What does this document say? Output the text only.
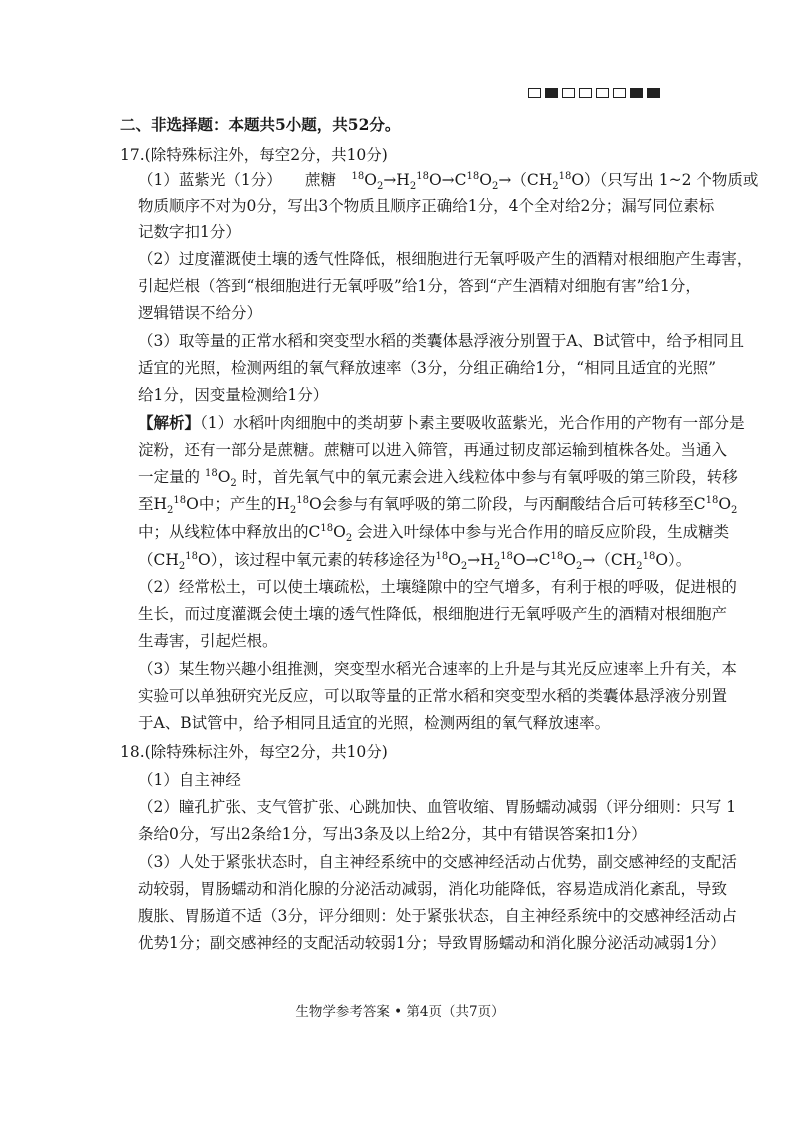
二、非选择题：本题共5小题，共52分。
17.(除特殊标注外，每空2分，共10分)
（1）蓝紫光（1分）　　蔗糖　$^{18}O_2\to H_2^{18}O\to C^{18}O_2\to(CH_2^{18}O)$（只写出 1~2 个物质或
物质顺序不对为0分，写出3个物质且顺序正确给1分，4个全对给2分；漏写同位素标
记数字扣1分）
（2）过度灌溉使土壤的透气性降低，根细胞进行无氧呼吸产生的酒精对根细胞产生毒害，
引起烂根（答到“根细胞进行无氧呼吸”给1分，答到“产生酒精对细胞有害”给1分，
逻辑错误不给分）
（3）取等量的正常水稻和突变型水稻的类囊体悬浮液分别置于A、B试管中，给予相同且
适宜的光照，检测两组的氧气释放速率（3分，分组正确给1分，“相同且适宜的光照”
给1分，因变量检测给1分）
【解析】（1）水稻叶肉细胞中的类胡萝卜素主要吸收蓝紫光，光合作用的产物有一部分是
淀粉，还有一部分是蔗糖。蔗糖可以进入筛管，再通过韧皮部运输到植株各处。当通入
一定量的 $^{18}O_2$ 时，首先氧气中的氧元素会进入线粒体中参与有氧呼吸的第三阶段，转移
至$H_2^{18}O$中；产生的$H_2^{18}O$会参与有氧呼吸的第二阶段，与丙酮酸结合后可转移至$C^{18}O_2$
中；从线粒体中释放出的$C^{18}O_2$ 会进入叶绿体中参与光合作用的暗反应阶段，生成糖类
$(CH_2^{18}O)$，该过程中氧元素的转移途径为$^{18}O_2\to H_2^{18}O\to C^{18}O_2\to(CH_2^{18}O)$。
（2）经常松土，可以使土壤疏松，土壤缝隙中的空气增多，有利于根的呼吸，促进根的
生长，而过度灌溉会使土壤的透气性降低，根细胞进行无氧呼吸产生的酒精对根细胞产
生毒害，引起烂根。
（3）某生物兴趣小组推测，突变型水稻光合速率的上升是与其光反应速率上升有关，本
实验可以单独研究光反应，可以取等量的正常水稻和突变型水稻的类囊体悬浮液分别置
于A、B试管中，给予相同且适宜的光照，检测两组的氧气释放速率。
18.(除特殊标注外，每空2分，共10分)
（1）自主神经
（2）瞳孔扩张、支气管扩张、心跳加快、血管收缩、胃肠蠕动减弱（评分细则：只写 1
条给0分，写出2条给1分，写出3条及以上给2分，其中有错误答案扣1分）
（3）人处于紧张状态时，自主神经系统中的交感神经活动占优势，副交感神经的支配活
动较弱，胃肠蠕动和消化腺的分泌活动减弱，消化功能降低，容易造成消化紊乱，导致
腹胀、胃肠道不适（3分，评分细则：处于紧张状态，自主神经系统中的交感神经活动占
优势1分；副交感神经的支配活动较弱1分；导致胃肠蠕动和消化腺分泌活动减弱1分）
生物学参考答案 • 第4页（共7页）
